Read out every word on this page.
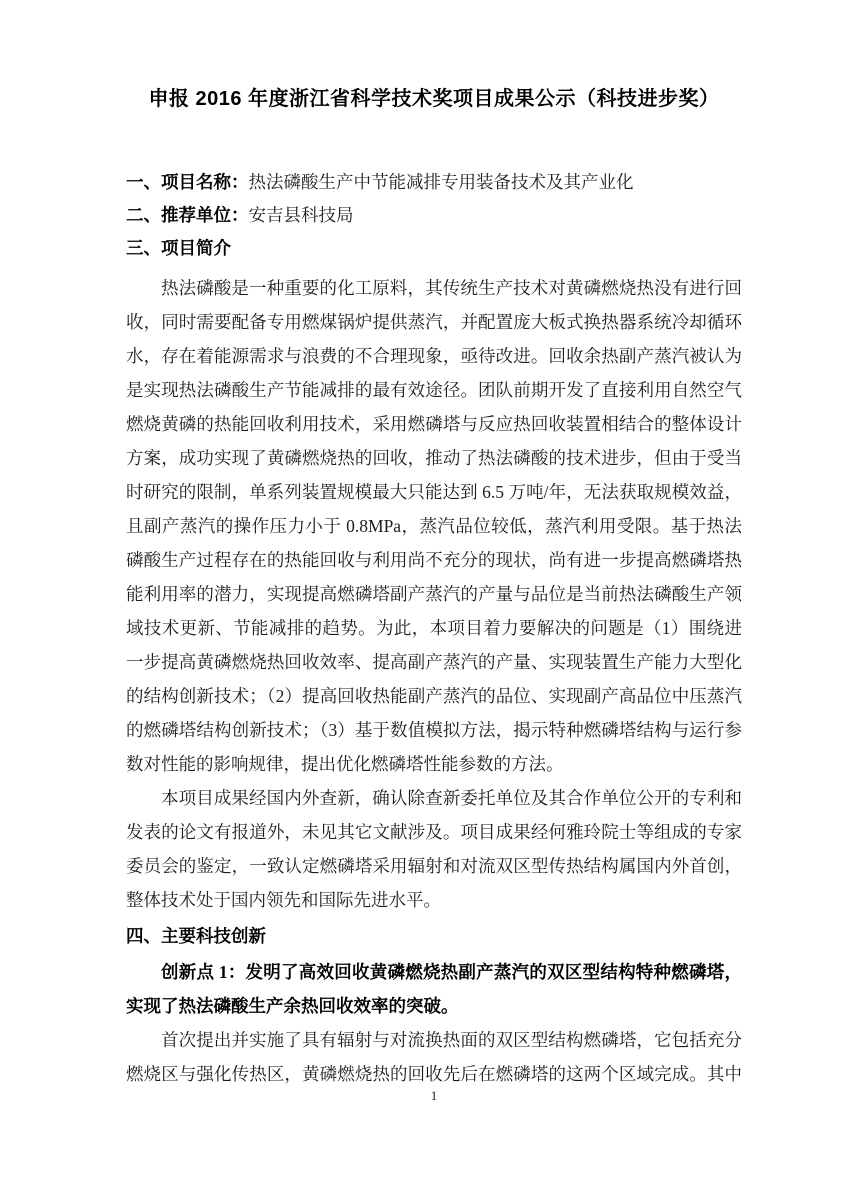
申报 2016 年度浙江省科学技术奖项目成果公示（科技进步奖）
一、项目名称：热法磷酸生产中节能减排专用装备技术及其产业化
二、推荐单位：安吉县科技局
三、项目简介
热法磷酸是一种重要的化工原料，其传统生产技术对黄磷燃烧热没有进行回
收，同时需要配备专用燃煤锅炉提供蒸汽，并配置庞大板式换热器系统冷却循环
水，存在着能源需求与浪费的不合理现象，亟待改进。回收余热副产蒸汽被认为
是实现热法磷酸生产节能减排的最有效途径。团队前期开发了直接利用自然空气
燃烧黄磷的热能回收利用技术，采用燃磷塔与反应热回收装置相结合的整体设计
方案，成功实现了黄磷燃烧热的回收，推动了热法磷酸的技术进步，但由于受当
时研究的限制，单系列装置规模最大只能达到 6.5 万吨/年，无法获取规模效益，
且副产蒸汽的操作压力小于 0.8MPa，蒸汽品位较低，蒸汽利用受限。基于热法
磷酸生产过程存在的热能回收与利用尚不充分的现状，尚有进一步提高燃磷塔热
能利用率的潜力，实现提高燃磷塔副产蒸汽的产量与品位是当前热法磷酸生产领
域技术更新、节能减排的趋势。为此，本项目着力要解决的问题是（1）围绕进
一步提高黄磷燃烧热回收效率、提高副产蒸汽的产量、实现装置生产能力大型化
的结构创新技术；（2）提高回收热能副产蒸汽的品位、实现副产高品位中压蒸汽
的燃磷塔结构创新技术；（3）基于数值模拟方法，揭示特种燃磷塔结构与运行参
数对性能的影响规律，提出优化燃磷塔性能参数的方法。
本项目成果经国内外查新，确认除查新委托单位及其合作单位公开的专利和
发表的论文有报道外，未见其它文献涉及。项目成果经何雅玲院士等组成的专家
委员会的鉴定，一致认定燃磷塔采用辐射和对流双区型传热结构属国内外首创，
整体技术处于国内领先和国际先进水平。
四、主要科技创新
创新点 1：发明了高效回收黄磷燃烧热副产蒸汽的双区型结构特种燃磷塔，
实现了热法磷酸生产余热回收效率的突破。
首次提出并实施了具有辐射与对流换热面的双区型结构燃磷塔，它包括充分
燃烧区与强化传热区，黄磷燃烧热的回收先后在燃磷塔的这两个区域完成。其中
1
